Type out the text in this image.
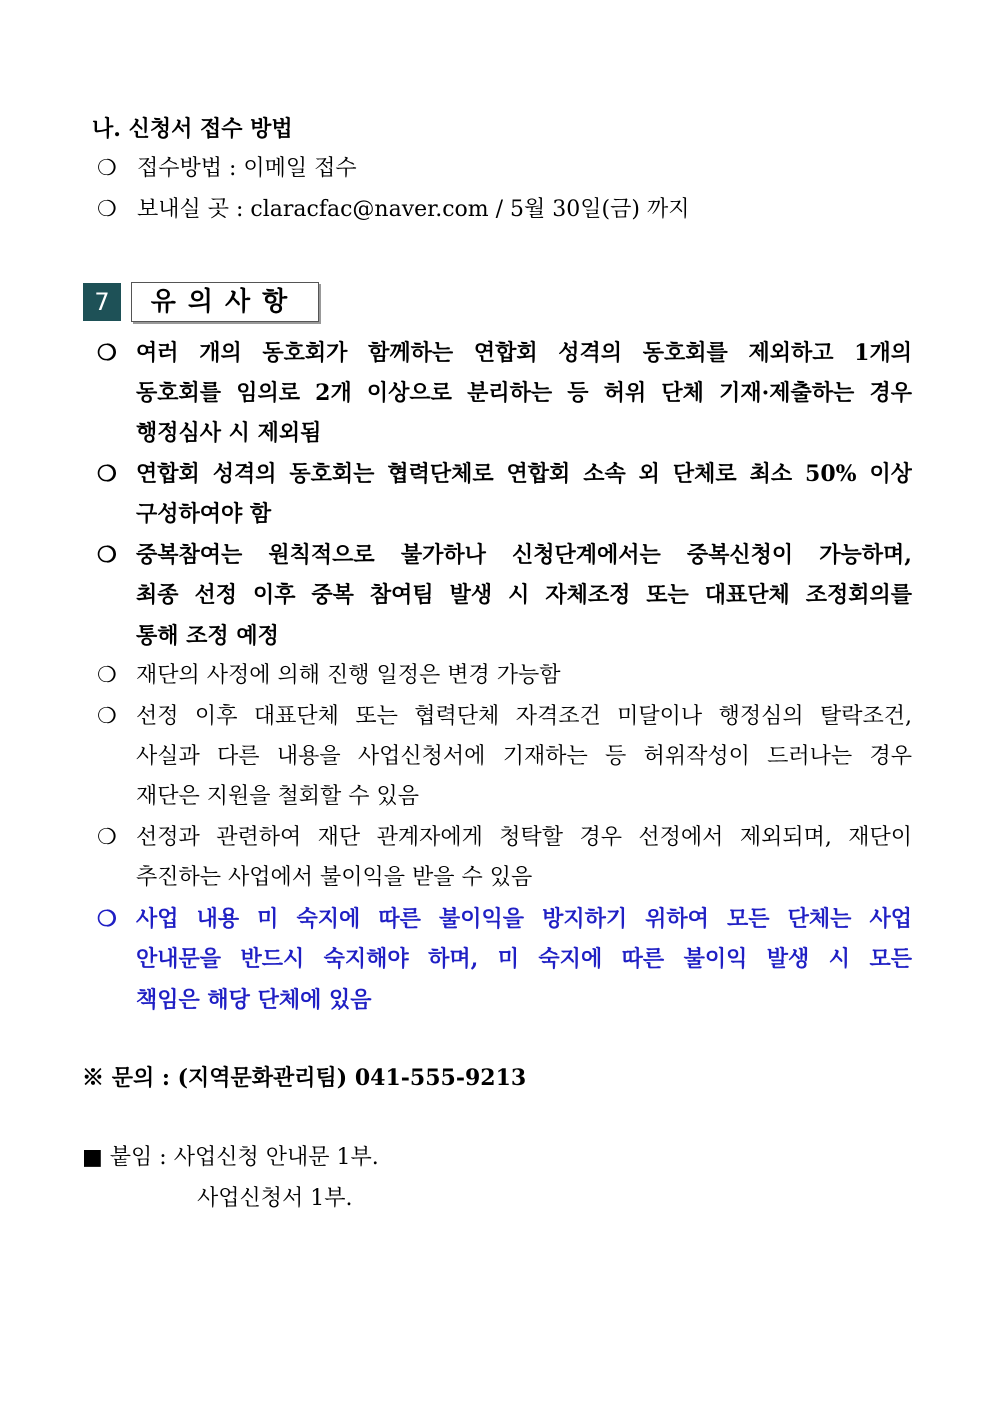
나. 신청서 접수 방법
❍ 접수방법 : 이메일 접수
❍ 보내실 곳 : claracfac@naver.com / 5월 30일(금) 까지
7	유의사항
❍ 여러 개의 동호회가 함께하는 연합회 성격의 동호회를 제외하고 1개의
동호회를 임의로 2개 이상으로 분리하는 등 허위 단체 기재·제출하는 경우
행정심사 시 제외됨
❍ 연합회 성격의 동호회는 협력단체로 연합회 소속 외 단체로 최소 50% 이상
구성하여야 함
❍ 중복참여는 원칙적으로 불가하나 신청단계에서는 중복신청이 가능하며,
최종 선정 이후 중복 참여팀 발생 시 자체조정 또는 대표단체 조정회의를
통해 조정 예정
❍ 재단의 사정에 의해 진행 일정은 변경 가능함
❍ 선정 이후 대표단체 또는 협력단체 자격조건 미달이나 행정심의 탈락조건,
사실과 다른 내용을 사업신청서에 기재하는 등 허위작성이 드러나는 경우
재단은 지원을 철회할 수 있음
❍ 선정과 관련하여 재단 관계자에게 청탁할 경우 선정에서 제외되며, 재단이
추진하는 사업에서 불이익을 받을 수 있음
❍ 사업 내용 미 숙지에 따른 불이익을 방지하기 위하여 모든 단체는 사업
안내문을 반드시 숙지해야 하며, 미 숙지에 따른 불이익 발생 시 모든
책임은 해당 단체에 있음
※ 문의 : (지역문화관리팀) 041-555-9213
■ 붙임 : 사업신청 안내문 1부.
사업신청서 1부.
